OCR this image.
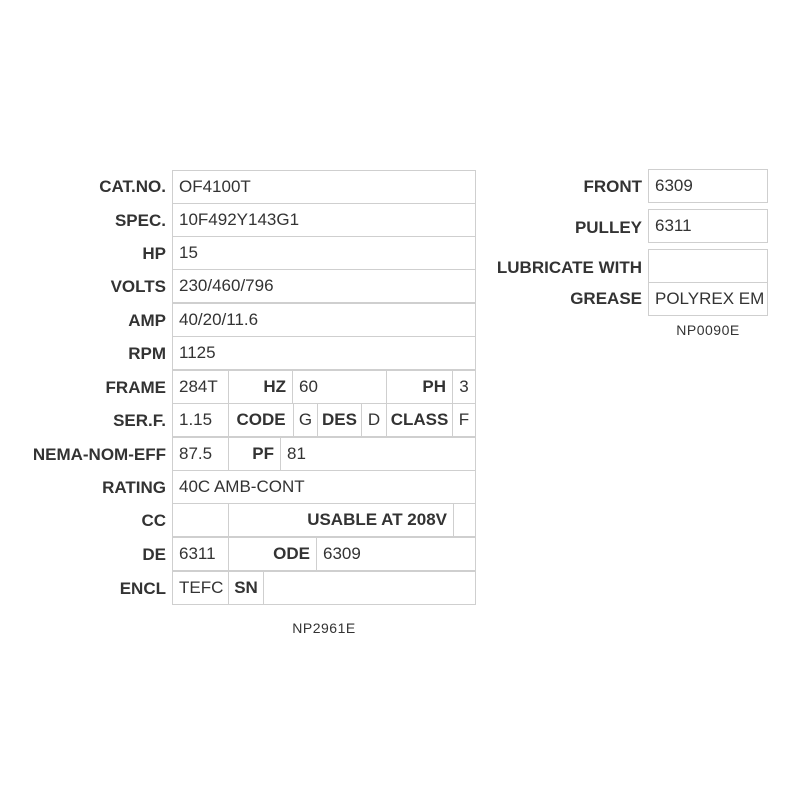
CAT.NO. OF4100T
SPEC. 10F492Y143G1
HP 15
VOLTS 230/460/796
AMP 40/20/11.6
RPM 1125
FRAME 284T	HZ 60	PH 3
SER.F. 1.15	CODE G DES D CLASS F
NEMA-NOM-EFF 87.5	PF 81
RATING 40C AMB-CONT
CC	USABLE AT 208V
DE 6311	ODE 6309
ENCL TEFC SN
NP2961E
FRONT 6309
PULLEY 6311
LUBRICATE WITH
GREASE POLYREX EM
NP0090E
